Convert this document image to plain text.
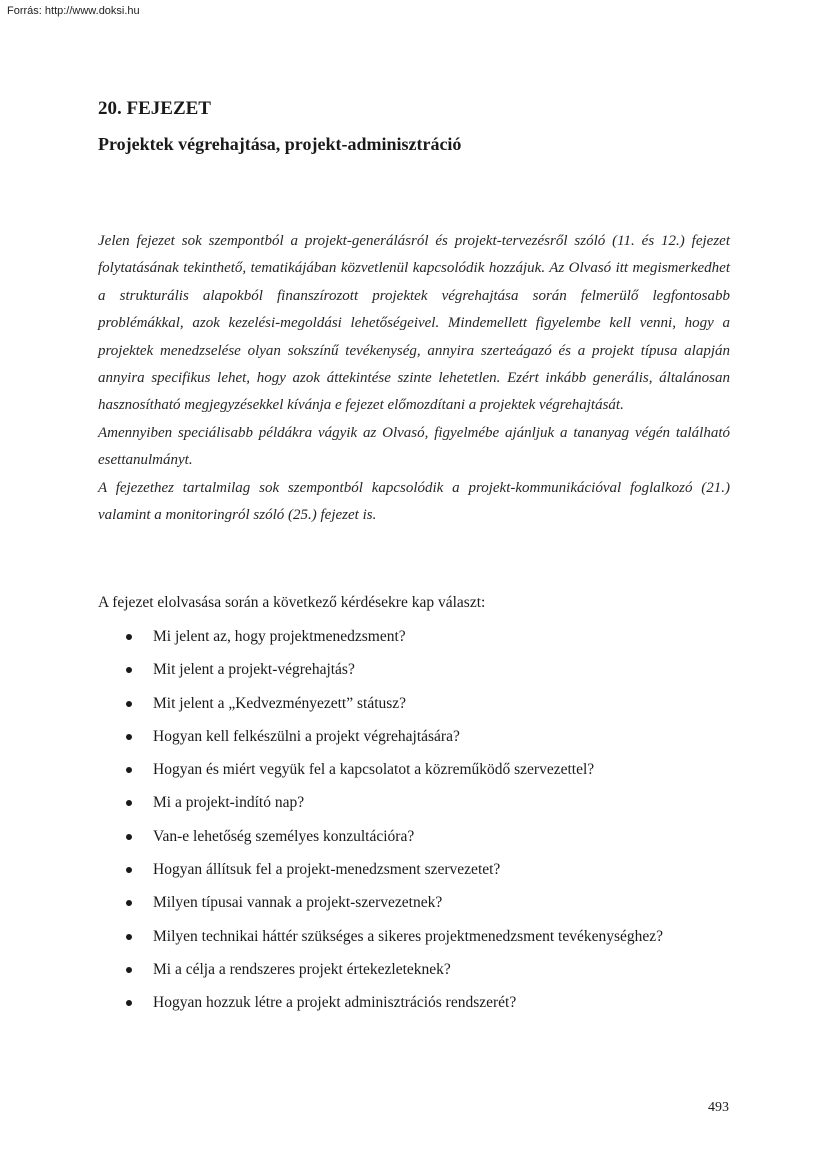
Forrás: http://www.doksi.hu
20. FEJEZET
Projektek végrehajtása, projekt-adminisztráció

Jelen fejezet sok szempontból a projekt-generálásról és projekt-tervezésről szóló (11. és 12.) fejezet folytatásának tekinthető, tematikájában közvetlenül kapcsolódik hozzájuk. Az Olvasó itt megismerkedhet a strukturális alapokból finanszírozott projektek végrehajtása során felmerülő legfontosabb problémákkal, azok kezelési-megoldási lehetőségeivel. Mindemellett figyelembe kell venni, hogy a projektek menedzselése olyan sokszínű tevékenység, annyira szerteágazó és a projekt típusa alapján annyira specifikus lehet, hogy azok áttekintése szinte lehetetlen. Ezért inkább generális, általánosan hasznosítható megjegyzésekkel kívánja e fejezet előmozdítani a projektek végrehajtását.

Amennyiben speciálisabb példákra vágyik az Olvasó, figyelmébe ajánljuk a tananyag végén található esettanulmányt.

A fejezethez tartalmilag sok szempontból kapcsolódik a projekt-kommunikációval foglalkozó (21.) valamint a monitoringról szóló (25.) fejezet is.

A fejezet elolvasása során a következő kérdésekre kap választ:

Mi jelent az, hogy projektmenedzsment?
Mit jelent a projekt-végrehajtás?
Mit jelent a „Kedvezményezett” státusz?
Hogyan kell felkészülni a projekt végrehajtására?
Hogyan és miért vegyük fel a kapcsolatot a közreműködő szervezettel?
Mi a projekt-indító nap?
Van-e lehetőség személyes konzultációra?
Hogyan állítsuk fel a projekt-menedzsment szervezetet?
Milyen típusai vannak a projekt-szervezetnek?
Milyen technikai háttér szükséges a sikeres projektmenedzsment tevékenységhez?
Mi a célja a rendszeres projekt értekezleteknek?
Hogyan hozzuk létre a projekt adminisztrációs rendszerét?
493
